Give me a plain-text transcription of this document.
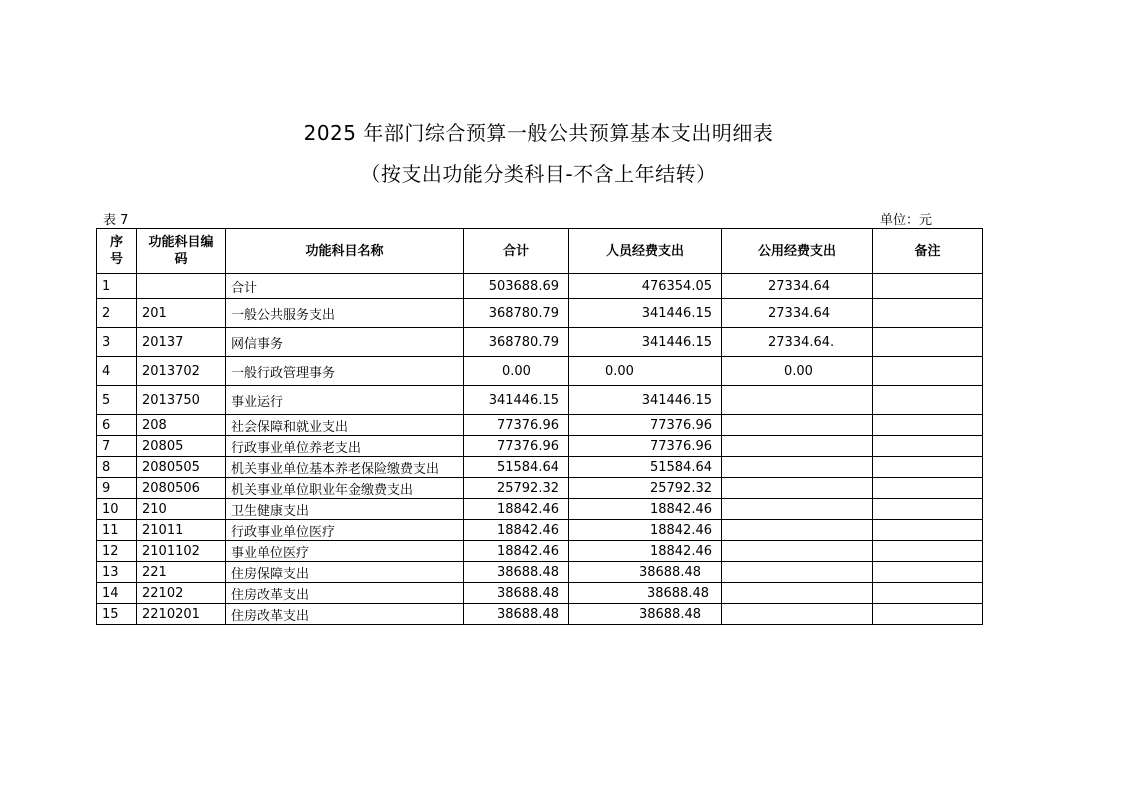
2025 年部门综合预算一般公共预算基本支出明细表
（按支出功能分类科目-不含上年结转）
表 7	单位：元
序
号	功能科目编
码	功能科目名称	合计	人员经费支出	公用经费支出	备注
1		合计	503688.69	476354.05	27334.64	
2	201	一般公共服务支出	368780.79	341446.15	27334.64	
3	20137	网信事务	368780.79	341446.15	27334.64.	
4	2013702	一般行政管理事务	0.00	0.00	0.00	
5	2013750	事业运行	341446.15	341446.15		
6	208	社会保障和就业支出	77376.96	77376.96		
7	20805	行政事业单位养老支出	77376.96	77376.96		
8	2080505	机关事业单位基本养老保险缴费支出	51584.64	51584.64		
9	2080506	机关事业单位职业年金缴费支出	25792.32	25792.32		
10	210	卫生健康支出	18842.46	18842.46		
11	21011	行政事业单位医疗	18842.46	18842.46		
12	2101102	事业单位医疗	18842.46	18842.46		
13	221	住房保障支出	38688.48	38688.48		
14	22102	住房改革支出	38688.48	38688.48		
15	2210201	住房改革支出	38688.48	38688.48		
